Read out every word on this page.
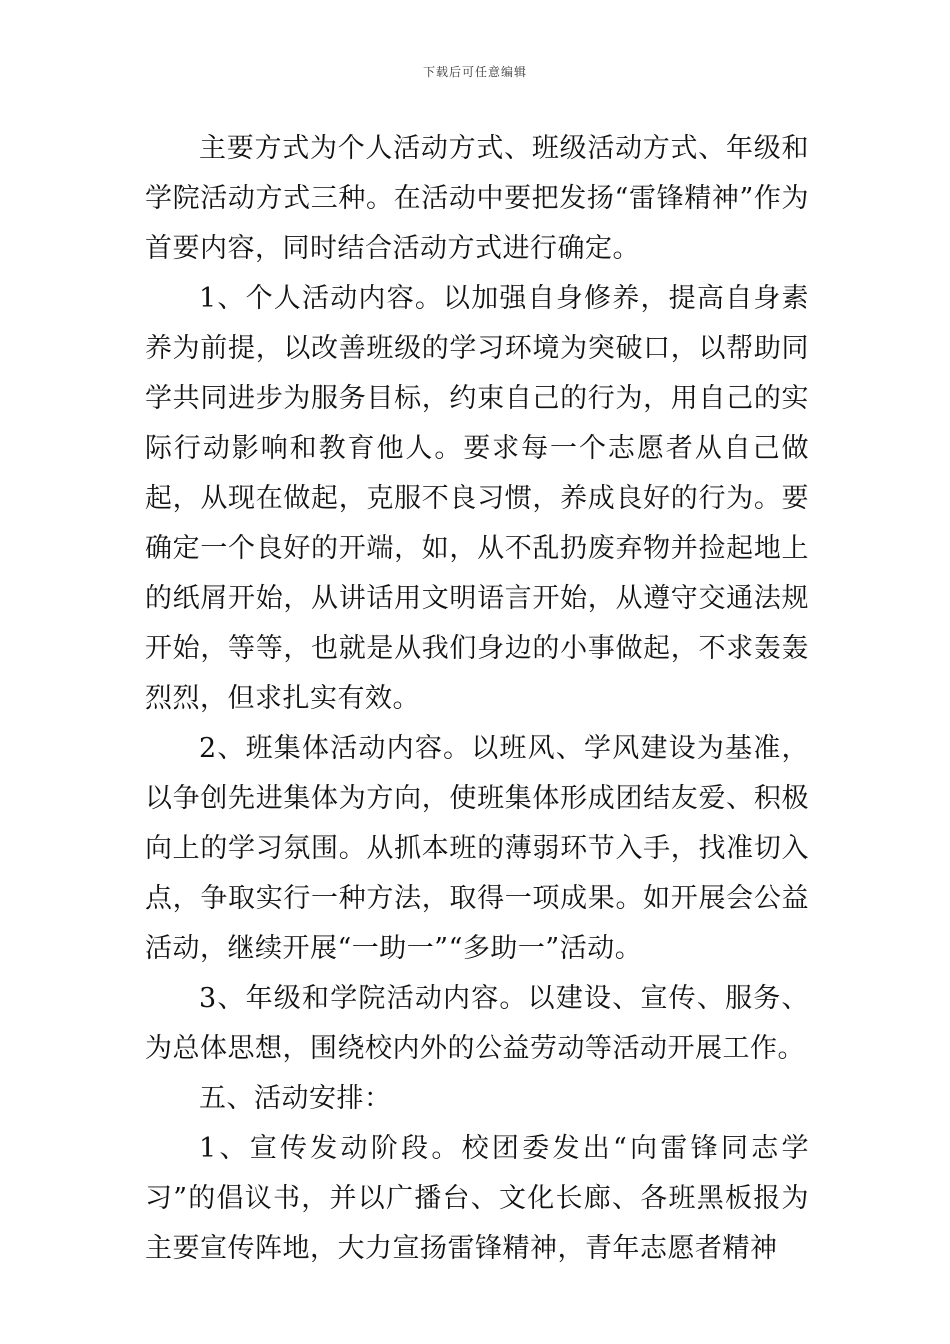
下载后可任意编辑

主要方式为个人活动方式、班级活动方式、年级和学院活动方式三种。在活动中要把发扬“雷锋精神”作为首要内容，同时结合活动方式进行确定。

1、个人活动内容。以加强自身修养，提高自身素养为前提，以改善班级的学习环境为突破口，以帮助同学共同进步为服务目标，约束自己的行为，用自己的实际行动影响和教育他人。要求每一个志愿者从自己做起，从现在做起，克服不良习惯，养成良好的行为。要确定一个良好的开端，如，从不乱扔废弃物并捡起地上的纸屑开始，从讲话用文明语言开始，从遵守交通法规开始，等等，也就是从我们身边的小事做起，不求轰轰烈烈，但求扎实有效。

2、班集体活动内容。以班风、学风建设为基准，以争创先进集体为方向，使班集体形成团结友爱、积极向上的学习氛围。从抓本班的薄弱环节入手，找准切入点，争取实行一种方法，取得一项成果。如开展会公益活动，继续开展“一助一”“多助一”活动。

3、年级和学院活动内容。以建设、宣传、服务、为总体思想，围绕校内外的公益劳动等活动开展工作。

五、活动安排：

1、宣传发动阶段。校团委发出“向雷锋同志学习”的倡议书，并以广播台、文化长廊、各班黑板报为主要宣传阵地，大力宣扬雷锋精神，青年志愿者精神
